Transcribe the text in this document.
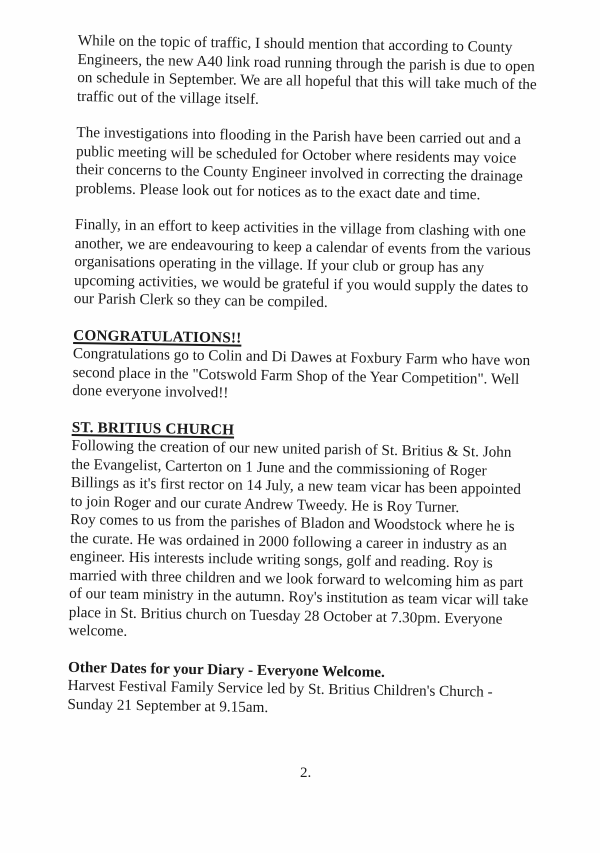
While on the topic of traffic, I should mention that according to County
Engineers, the new A40 link road running through the parish is due to open
on schedule in September. We are all hopeful that this will take much of the
traffic out of the village itself.

The investigations into flooding in the Parish have been carried out and a
public meeting will be scheduled for October where residents may voice
their concerns to the County Engineer involved in correcting the drainage
problems. Please look out for notices as to the exact date and time.

Finally, in an effort to keep activities in the village from clashing with one
another, we are endeavouring to keep a calendar of events from the various
organisations operating in the village. If your club or group has any
upcoming activities, we would be grateful if you would supply the dates to
our Parish Clerk so they can be compiled.

CONGRATULATIONS!!

Congratulations go to Colin and Di Dawes at Foxbury Farm who have won
second place in the "Cotswold Farm Shop of the Year Competition". Well
done everyone involved!!

ST. BRITIUS CHURCH

Following the creation of our new united parish of St. Britius & St. John
the Evangelist, Carterton on 1 June and the commissioning of Roger
Billings as it's first rector on 14 July, a new team vicar has been appointed
to join Roger and our curate Andrew Tweedy. He is Roy Turner.

Roy comes to us from the parishes of Bladon and Woodstock where he is
the curate. He was ordained in 2000 following a career in industry as an
engineer. His interests include writing songs, golf and reading. Roy is
married with three children and we look forward to welcoming him as part
of our team ministry in the autumn. Roy's institution as team vicar will take
place in St. Britius church on Tuesday 28 October at 7.30pm. Everyone
welcome.

Other Dates for your Diary - Everyone Welcome.

Harvest Festival Family Service led by St. Britius Children's Church -
Sunday 21 September at 9.15am.

2.
